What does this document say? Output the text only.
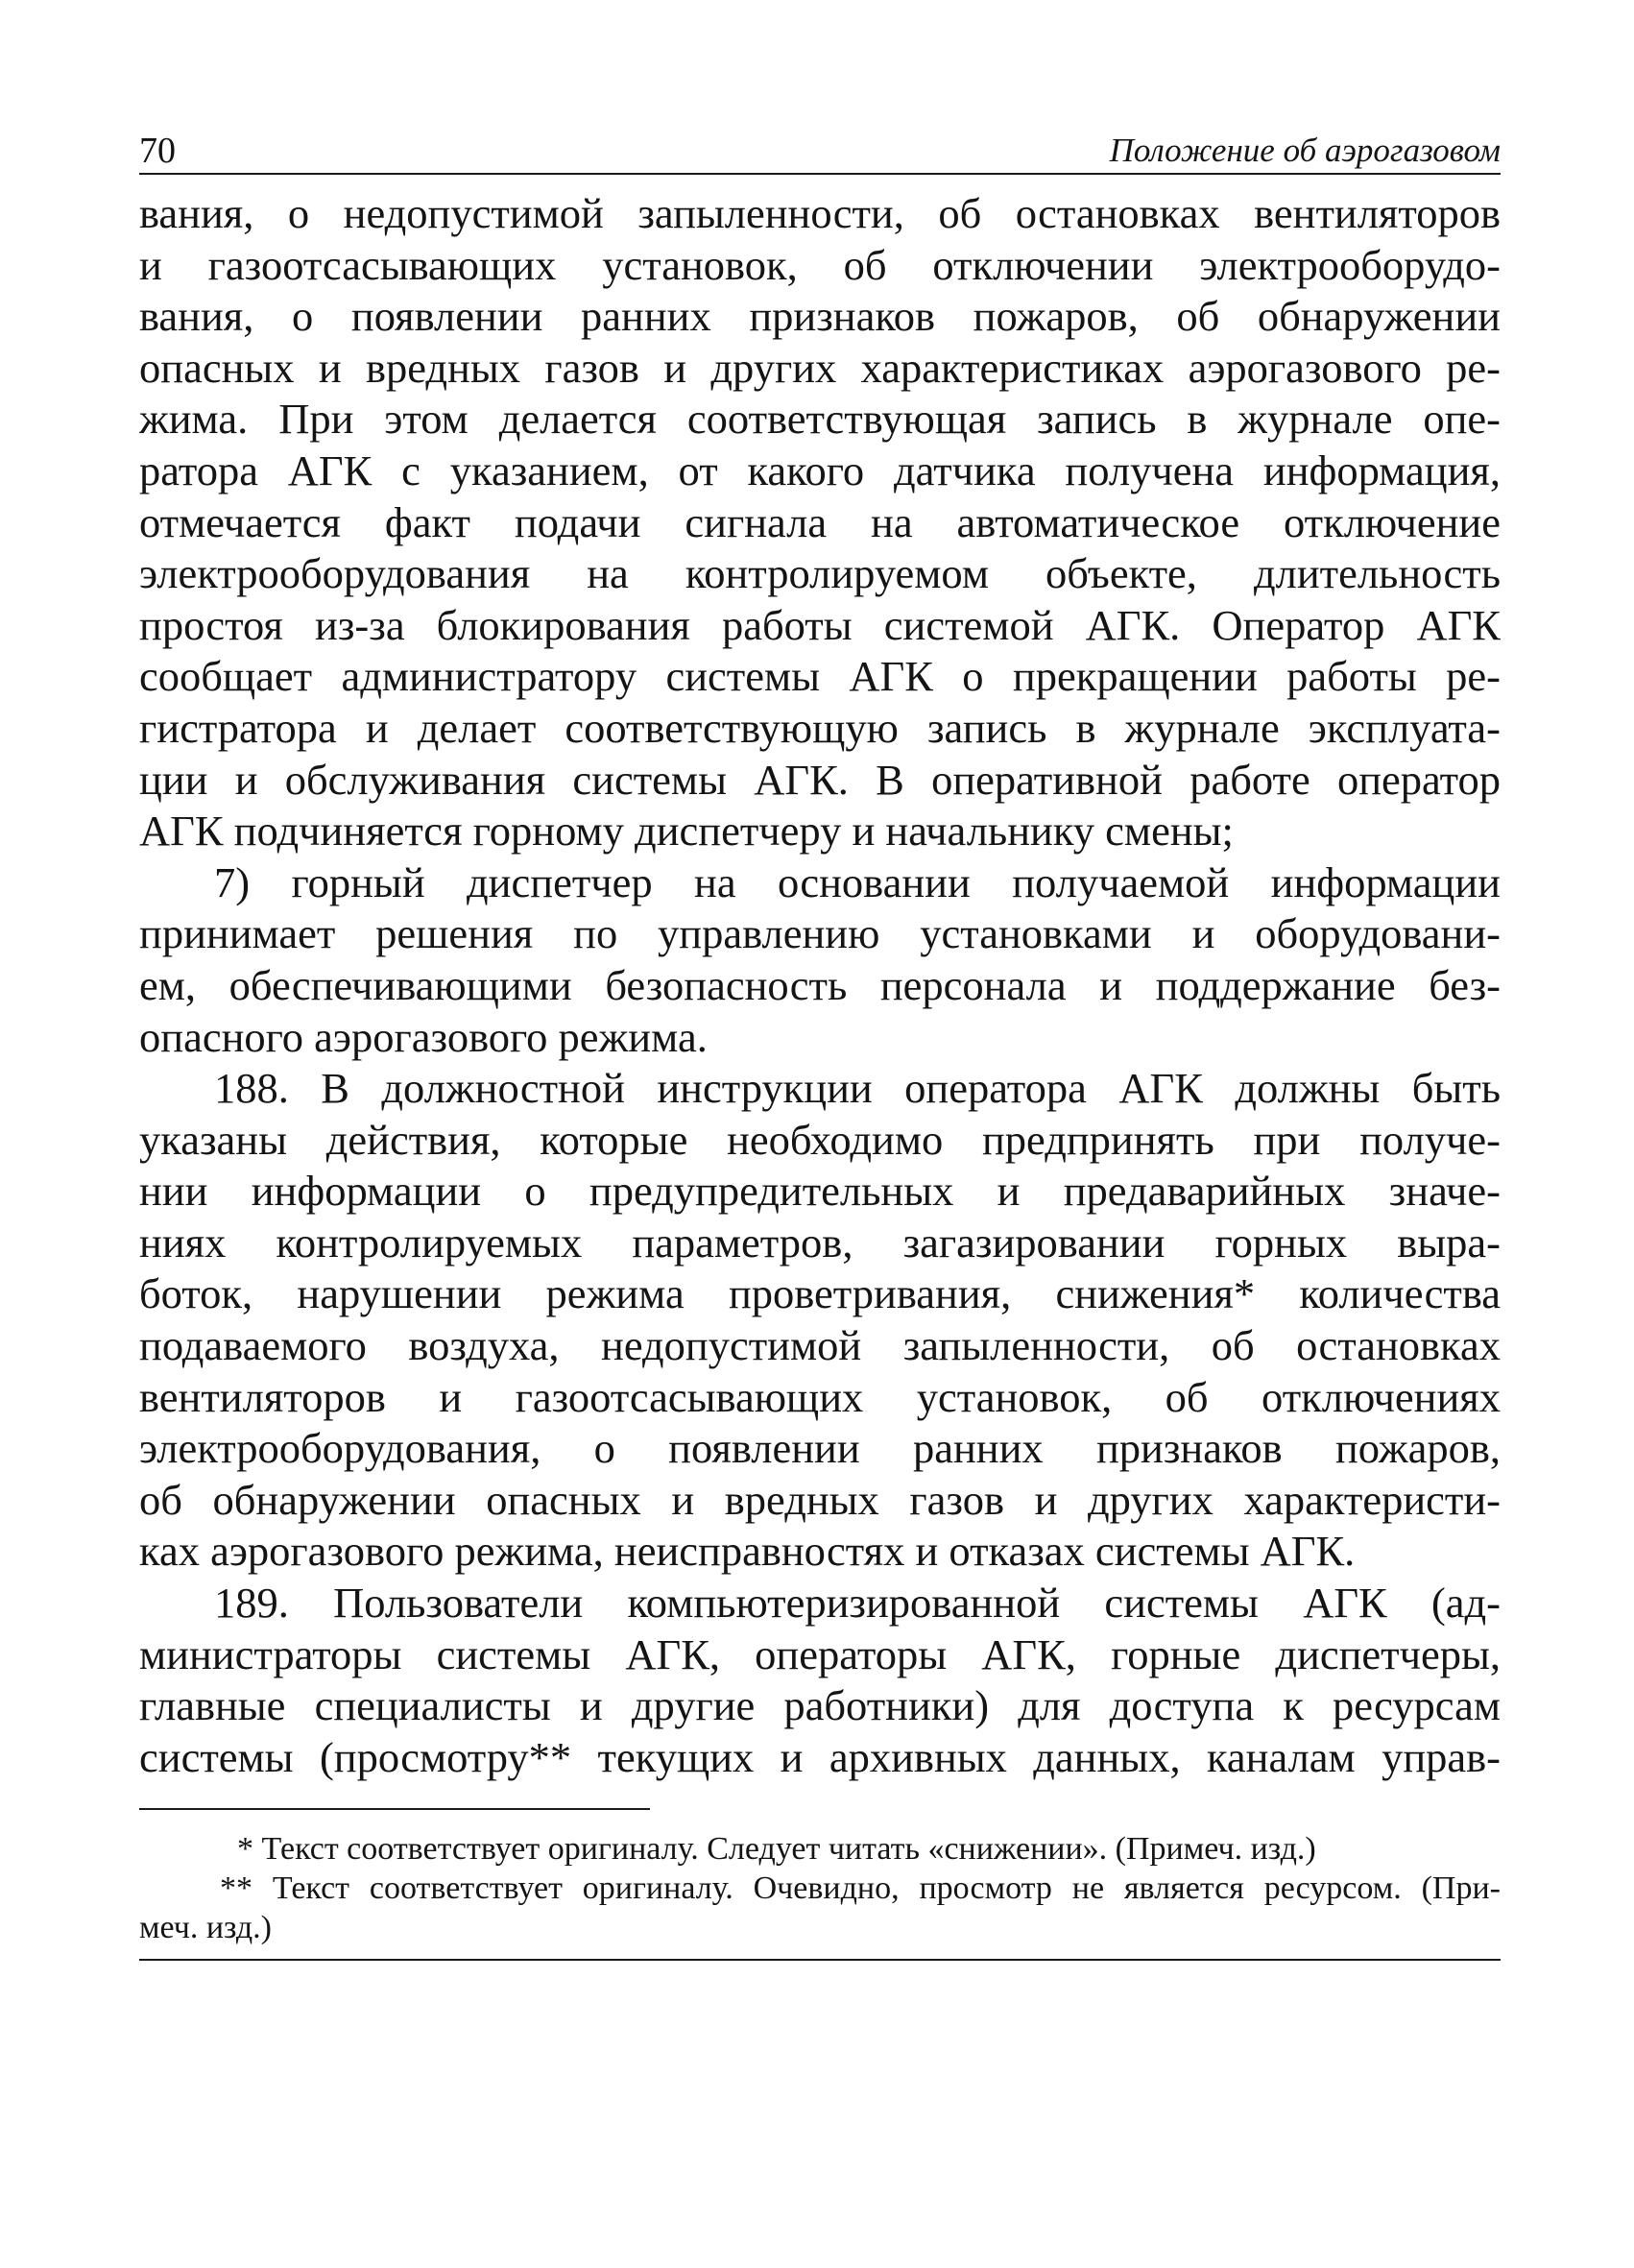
70	Положение об аэрогазовом
вания, о недопустимой запыленности, об остановках вентиляторов
и газоотсасывающих установок, об отключении электрооборудо-
вания, о появлении ранних признаков пожаров, об обнаружении
опасных и вредных газов и других характеристиках аэрогазового ре-
жима. При этом делается соответствующая запись в журнале опе-
ратора АГК с указанием, от какого датчика получена информация,
отмечается факт подачи сигнала на автоматическое отключение
электрооборудования на контролируемом объекте, длительность
простоя из-за блокирования работы системой АГК. Оператор АГК
сообщает администратору системы АГК о прекращении работы ре-
гистратора и делает соответствующую запись в журнале эксплуата-
ции и обслуживания системы АГК. В оперативной работе оператор
АГК подчиняется горному диспетчеру и начальнику смены;
7) горный диспетчер на основании получаемой информации
принимает решения по управлению установками и оборудовани-
ем, обеспечивающими безопасность персонала и поддержание без-
опасного аэрогазового режима.
188. В должностной инструкции оператора АГК должны быть
указаны действия, которые необходимо предпринять при получе-
нии информации о предупредительных и предаварийных значе-
ниях контролируемых параметров, загазировании горных выра-
боток, нарушении режима проветривания, снижения* количества
подаваемого воздуха, недопустимой запыленности, об остановках
вентиляторов и газоотсасывающих установок, об отключениях
электрооборудования, о появлении ранних признаков пожаров,
об обнаружении опасных и вредных газов и других характеристи-
ках аэрогазового режима, неисправностях и отказах системы АГК.
189. Пользователи компьютеризированной системы АГК (ад-
министраторы системы АГК, операторы АГК, горные диспетчеры,
главные специалисты и другие работники) для доступа к ресурсам
системы (просмотру** текущих и архивных данных, каналам управ-
* Текст соответствует оригиналу. Следует читать «снижении». (Примеч. изд.)
** Текст соответствует оригиналу. Очевидно, просмотр не является ресурсом. (При-
меч. изд.)
